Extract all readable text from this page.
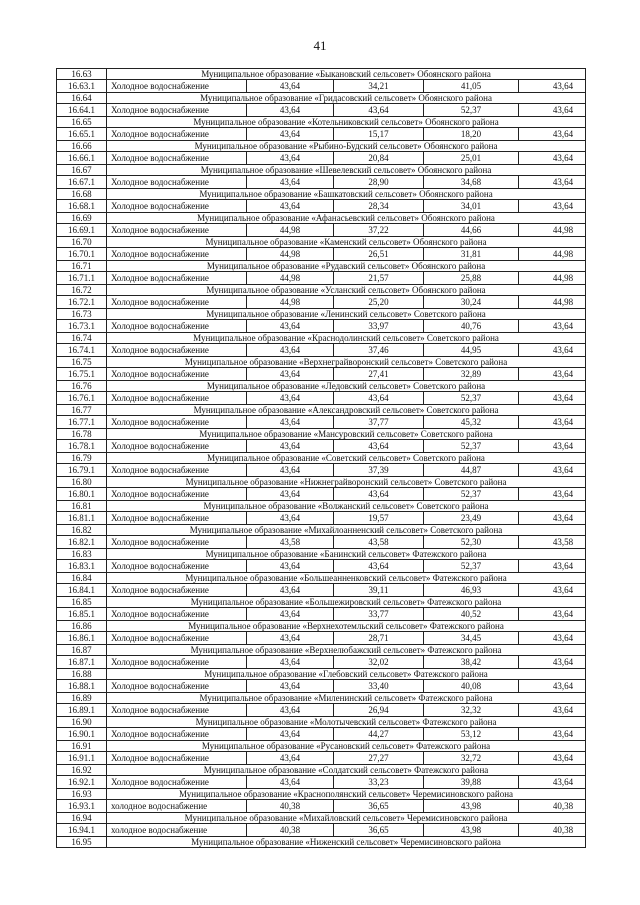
41
16.63	Муниципальное образование «Быкановский сельсовет» Обоянского района				
16.63.1	Холодное водоснабжение	43,64	34,21	41,05	43,64
16.64	Муниципальное образование «Гридасовский сельсовет» Обоянского района				
16.64.1	Холодное водоснабжение	43,64	43,64	52,37	43,64
16.65	Муниципальное образование «Котельниковский сельсовет» Обоянского района				
16.65.1	Холодное водоснабжение	43,64	15,17	18,20	43,64
16.66	Муниципальное образование «Рыбино-Будский сельсовет» Обоянского района				
16.66.1	Холодное водоснабжение	43,64	20,84	25,01	43,64
16.67	Муниципальное образование «Шевелевский сельсовет» Обоянского района				
16.67.1	Холодное водоснабжение	43,64	28,90	34,68	43,64
16.68	Муниципальное образование «Башкатовский сельсовет» Обоянского района				
16.68.1	Холодное водоснабжение	43,64	28,34	34,01	43,64
16.69	Муниципальное образование «Афанасьевский сельсовет» Обоянского района				
16.69.1	Холодное водоснабжение	44,98	37,22	44,66	44,98
16.70	Муниципальное образование «Каменский сельсовет» Обоянского района				
16.70.1	Холодное водоснабжение	44,98	26,51	31,81	44,98
16.71	Муниципальное образование «Рудавский сельсовет» Обоянского района				
16.71.1	Холодное водоснабжение	44,98	21,57	25,88	44,98
16.72	Муниципальное образование «Усланский сельсовет» Обоянского района				
16.72.1	Холодное водоснабжение	44,98	25,20	30,24	44,98
16.73	Муниципальное образование «Ленинский сельсовет» Советского района				
16.73.1	Холодное водоснабжение	43,64	33,97	40,76	43,64
16.74	Муниципальное образование «Краснодолинский сельсовет» Советского района				
16.74.1	Холодное водоснабжение	43,64	37,46	44,95	43,64
16.75	Муниципальное образование «Верхнеграйворонский сельсовет» Советского района				
16.75.1	Холодное водоснабжение	43,64	27,41	32,89	43,64
16.76	Муниципальное образование «Ледовский сельсовет» Советского района				
16.76.1	Холодное водоснабжение	43,64	43,64	52,37	43,64
16.77	Муниципальное образование «Александровский сельсовет» Советского района				
16.77.1	Холодное водоснабжение	43,64	37,77	45,32	43,64
16.78	Муниципальное образование «Мансуровский сельсовет» Советского района				
16.78.1	Холодное водоснабжение	43,64	43,64	52,37	43,64
16.79	Муниципальное образование «Советский сельсовет» Советского района				
16.79.1	Холодное водоснабжение	43,64	37,39	44,87	43,64
16.80	Муниципальное образование «Нижнеграйворонский сельсовет» Советского района				
16.80.1	Холодное водоснабжение	43,64	43,64	52,37	43,64
16.81	Муниципальное образование «Волжанский сельсовет» Советского района				
16.81.1	Холодное водоснабжение	43,64	19,57	23,49	43,64
16.82	Муниципальное образование «Михайлоанненский сельсовет» Советского района				
16.82.1	Холодное водоснабжение	43,58	43,58	52,30	43,58
16.83	Муниципальное образование «Банинский сельсовет» Фатежского района				
16.83.1	Холодное водоснабжение	43,64	43,64	52,37	43,64
16.84	Муниципальное образование «Большеанненковский сельсовет» Фатежского района				
16.84.1	Холодное водоснабжение	43,64	39,11	46,93	43,64
16.85	Муниципальное образование «Большежировский сельсовет» Фатежского района				
16.85.1	Холодное водоснабжение	43,64	33,77	40,52	43,64
16.86	Муниципальное образование «Верхнехотемльский сельсовет» Фатежского района				
16.86.1	Холодное водоснабжение	43,64	28,71	34,45	43,64
16.87	Муниципальное образование «Верхнелюбажский сельсовет» Фатежского района				
16.87.1	Холодное водоснабжение	43,64	32,02	38,42	43,64
16.88	Муниципальное образование «Глебовский сельсовет» Фатежского района				
16.88.1	Холодное водоснабжение	43,64	33,40	40,08	43,64
16.89	Муниципальное образование «Миленинский сельсовет» Фатежского района				
16.89.1	Холодное водоснабжение	43,64	26,94	32,32	43,64
16.90	Муниципальное образование «Молотычевский сельсовет» Фатежского района				
16.90.1	Холодное водоснабжение	43,64	44,27	53,12	43,64
16.91	Муниципальное образование «Русановский сельсовет» Фатежского района				
16.91.1	Холодное водоснабжение	43,64	27,27	32,72	43,64
16.92	Муниципальное образование «Солдатский сельсовет» Фатежского района				
16.92.1	Холодное водоснабжение	43,64	33,23	39,88	43,64
16.93	Муниципальное образование «Краснополянский сельсовет» Черемисиновского района				
16.93.1	холодное водоснабжение	40,38	36,65	43,98	40,38
16.94	Муниципальное образование «Михайловский сельсовет» Черемисиновского района				
16.94.1	холодное водоснабжение	40,38	36,65	43,98	40,38
16.95	Муниципальное образование «Ниженский сельсовет» Черемисиновского района				
